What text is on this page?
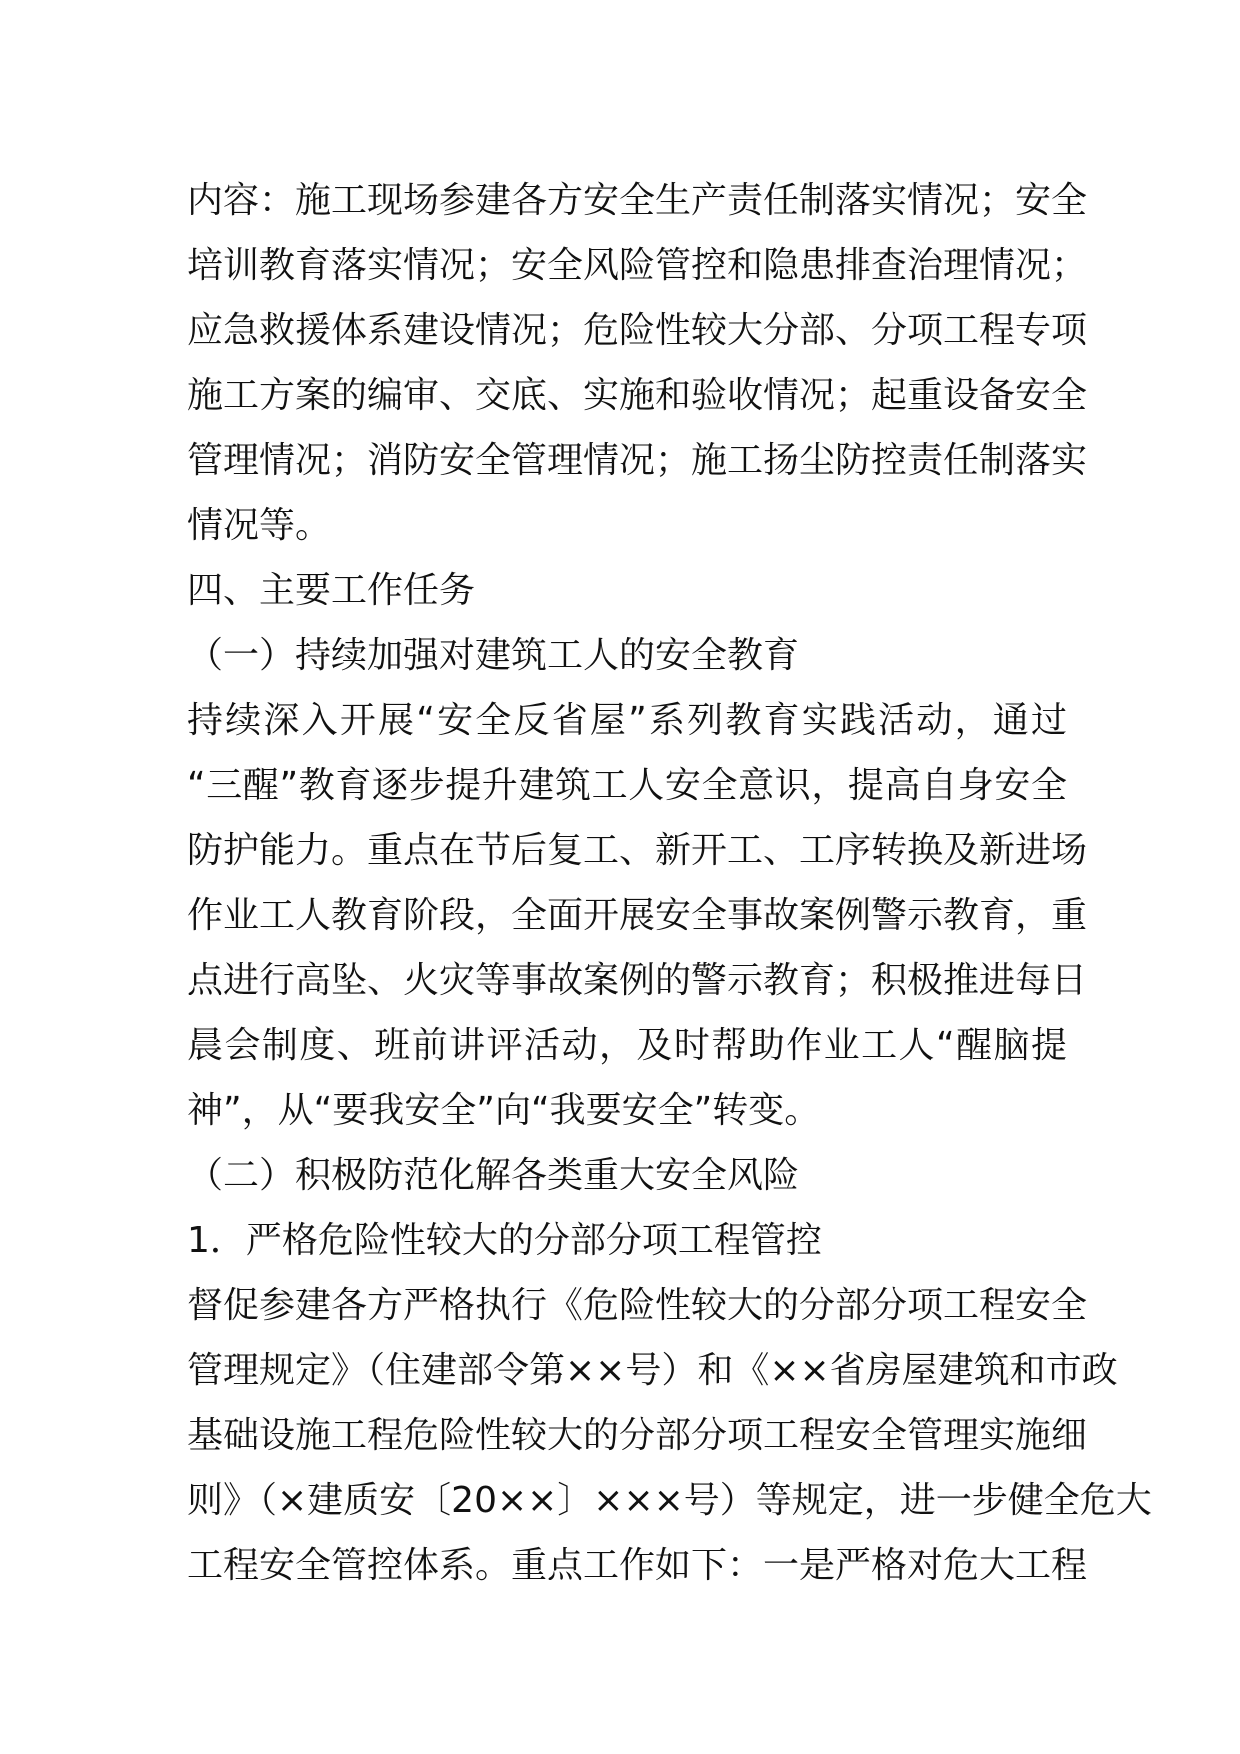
内容：施工现场参建各方安全生产责任制落实情况；安全
培训教育落实情况；安全风险管控和隐患排查治理情况；
应急救援体系建设情况；危险性较大分部、分项工程专项
施工方案的编审、交底、实施和验收情况；起重设备安全
管理情况；消防安全管理情况；施工扬尘防控责任制落实
情况等。
四、主要工作任务
（一）持续加强对建筑工人的安全教育
持续深入开展“安全反省屋”系列教育实践活动，通过
“三醒”教育逐步提升建筑工人安全意识，提高自身安全
防护能力。重点在节后复工、新开工、工序转换及新进场
作业工人教育阶段，全面开展安全事故案例警示教育，重
点进行高坠、火灾等事故案例的警示教育；积极推进每日
晨会制度、班前讲评活动，及时帮助作业工人“醒脑提
神”，从“要我安全”向“我要安全”转变。
（二）积极防范化解各类重大安全风险
1．严格危险性较大的分部分项工程管控
督促参建各方严格执行《危险性较大的分部分项工程安全
管理规定》（住建部令第××号）和《××省房屋建筑和市政
基础设施工程危险性较大的分部分项工程安全管理实施细
则》（×建质安〔20××〕×××号）等规定，进一步健全危大
工程安全管控体系。重点工作如下：一是严格对危大工程
